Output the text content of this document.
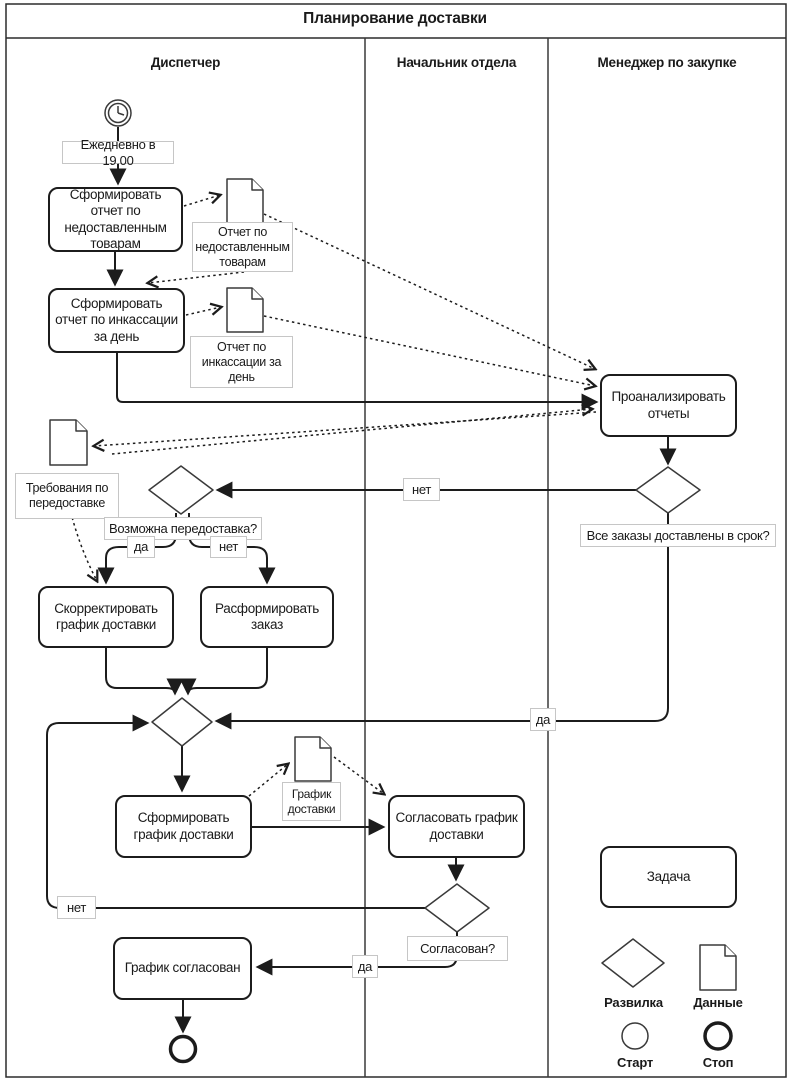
Планирование доставки
Диспетчер	Начальник отдела	Менеджер по закупке
Сформировать отчет по недоставленным товарам
Сформировать отчет по инкассации за день
Проанализировать отчеты
Скорректировать график доставки
Расформировать заказ
Сформировать график доставки
Согласовать график доставки
График согласован
Ежедневно в 19.00
Отчет по недоставленным товарам
Отчет по инкассации за день
Все заказы доставлены в срок?
Требования по передоставке
Возможна передоставка?
График доставки
Согласован?
нет
да	нет
да
нет
да
Задача
Развилка	Данные
Старт	Стоп
